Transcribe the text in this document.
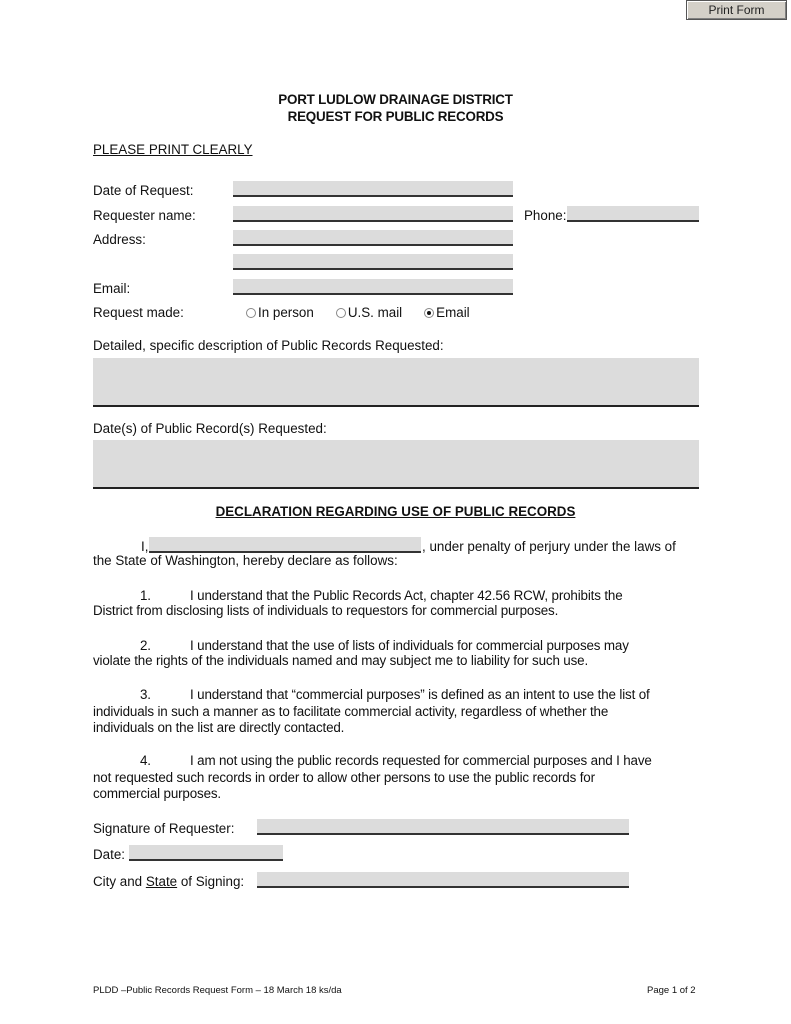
Print Form
PORT LUDLOW DRAINAGE DISTRICT
REQUEST FOR PUBLIC RECORDS
PLEASE PRINT CLEARLY
Date of Request:
Requester name:	Phone:
Address:
Email:
Request made:	In person	U.S. mail	Email
Detailed, specific description of Public Records Requested:
Date(s) of Public Record(s) Requested:
DECLARATION REGARDING USE OF PUBLIC RECORDS
I,	, under penalty of perjury under the laws of
the State of Washington, hereby declare as follows:
1.	I understand that the Public Records Act, chapter 42.56 RCW, prohibits the
District from disclosing lists of individuals to requestors for commercial purposes.
2.	I understand that the use of lists of individuals for commercial purposes may
violate the rights of the individuals named and may subject me to liability for such use.
3.	I understand that “commercial purposes” is defined as an intent to use the list of
individuals in such a manner as to facilitate commercial activity, regardless of whether the individuals on the list are directly contacted.
4.	I am not using the public records requested for commercial purposes and I have
not requested such records in order to allow other persons to use the public records for commercial purposes.
Signature of Requester:
Date:
City and State of Signing:
PLDD –Public Records Request Form – 18 March 18 ks/da	Page 1 of 2
